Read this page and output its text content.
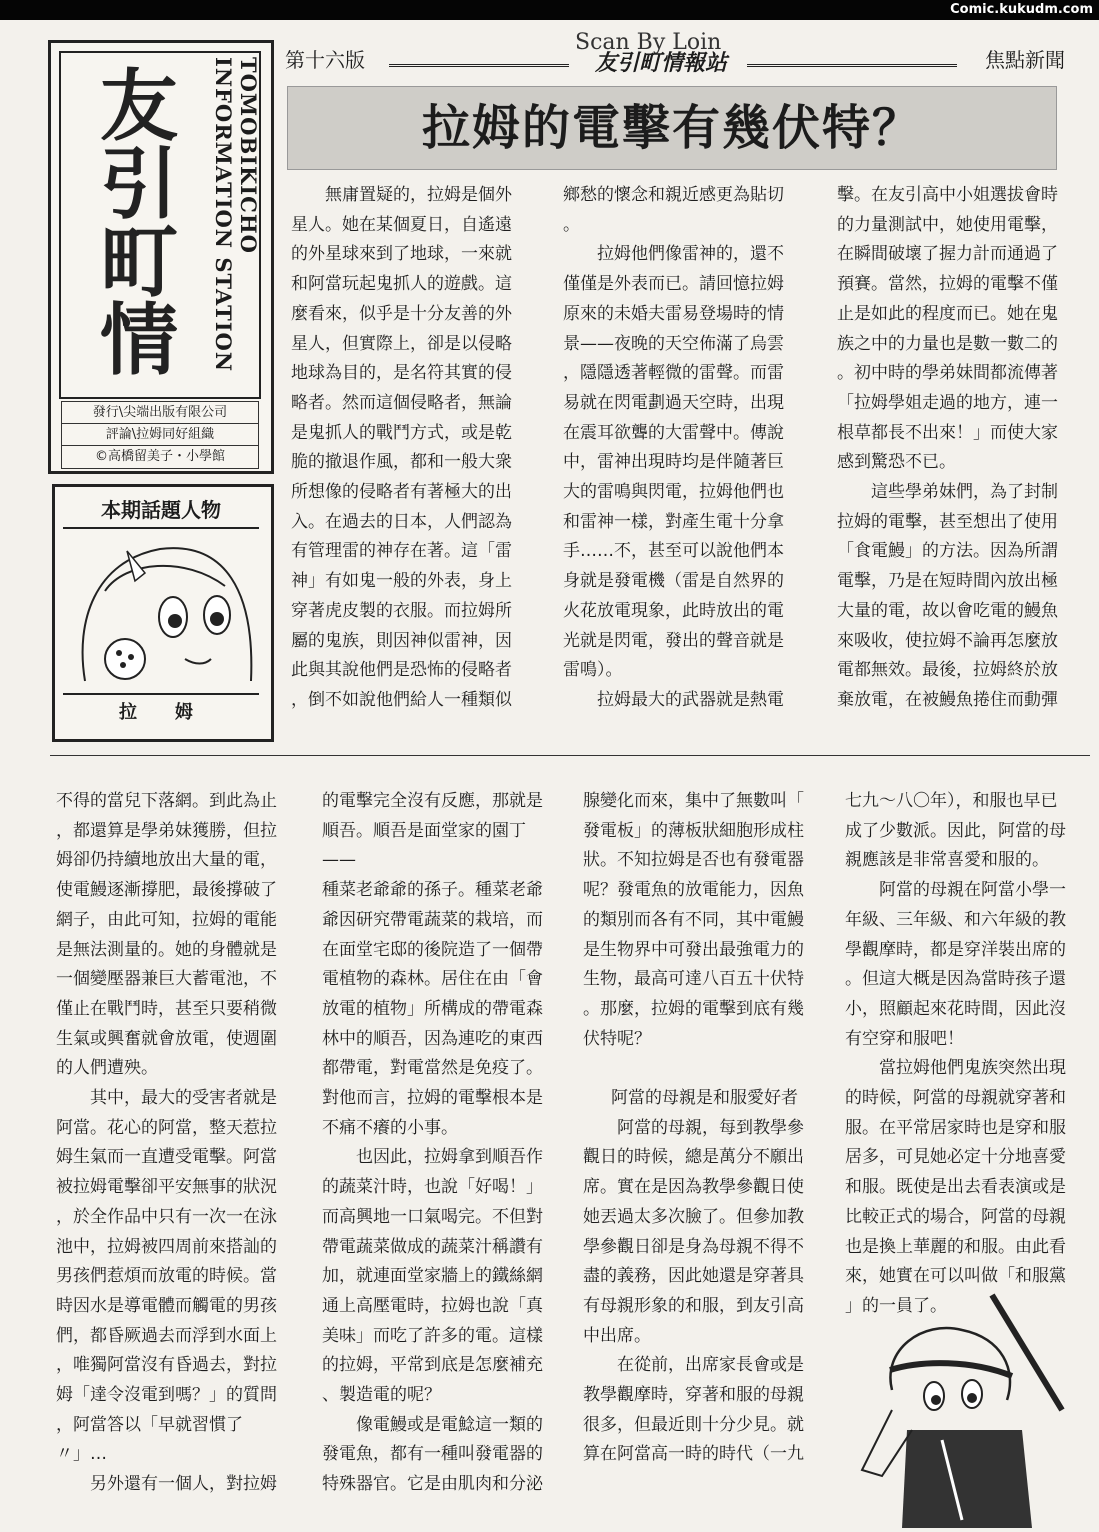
Comic.kukudm.com
友
引
町
情
TOMOBIKICHO INFORMATION STATION
發行\尖端出版有限公司
評論\拉姆同好組織
©高橋留美子・小學館
本期話題人物
拉　姆
第十六版
Scan By Loin
友引町情報站	焦點新聞
拉姆的電擊有幾伏特？

無庸置疑的，拉姆是個外

星人。她在某個夏日，自遙遠

的外星球來到了地球，一來就

和阿當玩起鬼抓人的遊戲。這

麼看來，似乎是十分友善的外

星人，但實際上，卻是以侵略

地球為目的，是名符其實的侵

略者。然而這個侵略者，無論

是鬼抓人的戰鬥方式，或是乾

脆的撤退作風，都和一般大衆

所想像的侵略者有著極大的出

入。在過去的日本，人們認為

有管理雷的神存在著。這「雷

神」有如鬼一般的外表，身上

穿著虎皮製的衣服。而拉姆所

屬的鬼族，則因神似雷神，因

此與其說他們是恐怖的侵略者

，倒不如說他們給人一種類似

鄉愁的懷念和親近感更為貼切

。

拉姆他們像雷神的，還不

僅僅是外表而已。請回憶拉姆

原來的未婚夫雷易登場時的情

景——夜晚的天空佈滿了烏雲

，隱隱透著輕微的雷聲。而雷

易就在閃電劃過天空時，出現

在震耳欲聾的大雷聲中。傳說

中，雷神出現時均是伴隨著巨

大的雷鳴與閃電，拉姆他們也

和雷神一樣，對產生電十分拿

手……不，甚至可以說他們本

身就是發電機（雷是自然界的

火花放電現象，此時放出的電

光就是閃電，發出的聲音就是

雷鳴）。

拉姆最大的武器就是熱電

擊。在友引高中小姐選拔會時

的力量測試中，她使用電擊，

在瞬間破壞了握力計而通過了

預賽。當然，拉姆的電擊不僅

止是如此的程度而已。她在鬼

族之中的力量也是數一數二的

。初中時的學弟妹間都流傳著

「拉姆學姐走過的地方，連一

根草都長不出來！」而使大家

感到驚恐不已。

這些學弟妹們，為了封制

拉姆的電擊，甚至想出了使用

「食電鰻」的方法。因為所謂

電擊，乃是在短時間內放出極

大量的電，故以會吃電的鰻魚

來吸收，使拉姆不論再怎麼放

電都無效。最後，拉姆終於放

棄放電，在被鰻魚捲住而動彈

不得的當兒下落網。到此為止

，都還算是學弟妹獲勝，但拉

姆卻仍持續地放出大量的電，

使電鰻逐漸撐肥，最後撐破了

網子，由此可知，拉姆的電能

是無法測量的。她的身體就是

一個變壓器兼巨大蓄電池，不

僅止在戰鬥時，甚至只要稍微

生氣或興奮就會放電，使週圍

的人們遭殃。

其中，最大的受害者就是

阿當。花心的阿當，整天惹拉

姆生氣而一直遭受電擊。阿當

被拉姆電擊卻平安無事的狀況

，於全作品中只有一次一在泳

池中，拉姆被四周前來搭訕的

男孩們惹煩而放電的時候。當

時因水是導電體而觸電的男孩

們，都昏厥過去而浮到水面上

，唯獨阿當沒有昏過去，對拉

姆「達令沒電到嗎？」的質問

，阿當答以「早就習慣了〃」…

另外還有一個人，對拉姆

的電擊完全沒有反應，那就是

順吾。順吾是面堂家的園丁——

種菜老爺爺的孫子。種菜老爺

爺因研究帶電蔬菜的栽培，而

在面堂宅邸的後院造了一個帶

電植物的森林。居住在由「會

放電的植物」所構成的帶電森

林中的順吾，因為連吃的東西

都帶電，對電當然是免疫了。

對他而言，拉姆的電擊根本是

不痛不癢的小事。

也因此，拉姆拿到順吾作

的蔬菜汁時，也說「好喝！」

而高興地一口氣喝完。不但對

帶電蔬菜做成的蔬菜汁稱讚有

加，就連面堂家牆上的鐵絲網

通上高壓電時，拉姆也說「真

美味」而吃了許多的電。這樣

的拉姆，平常到底是怎麼補充

、製造電的呢？

像電鰻或是電鯰這一類的

發電魚，都有一種叫發電器的

特殊器官。它是由肌肉和分泌

腺變化而來，集中了無數叫「

發電板」的薄板狀細胞形成柱

狀。不知拉姆是否也有發電器

呢？發電魚的放電能力，因魚

的類別而各有不同，其中電鰻

是生物界中可發出最強電力的

生物，最高可達八百五十伏特

。那麼，拉姆的電擊到底有幾

伏特呢？

阿當的母親是和服愛好者

阿當的母親，每到教學參

觀日的時候，總是萬分不願出

席。實在是因為教學參觀日使

她丟過太多次臉了。但參加教

學參觀日卻是身為母親不得不

盡的義務，因此她還是穿著具

有母親形象的和服，到友引高

中出席。

在從前，出席家長會或是

教學觀摩時，穿著和服的母親

很多，但最近則十分少見。就

算在阿當高一時的時代（一九

七九～八〇年），和服也早已

成了少數派。因此，阿當的母

親應該是非常喜愛和服的。

阿當的母親在阿當小學一

年級、三年級、和六年級的教

學觀摩時，都是穿洋裝出席的

。但這大概是因為當時孩子還

小，照顧起來花時間，因此沒

有空穿和服吧！

當拉姆他們鬼族突然出現

的時候，阿當的母親就穿著和

服。在平常居家時也是穿和服

居多，可見她必定十分地喜愛

和服。既使是出去看表演或是

比較正式的場合，阿當的母親

也是換上華麗的和服。由此看

來，她實在可以叫做「和服黨

」的一員了。
